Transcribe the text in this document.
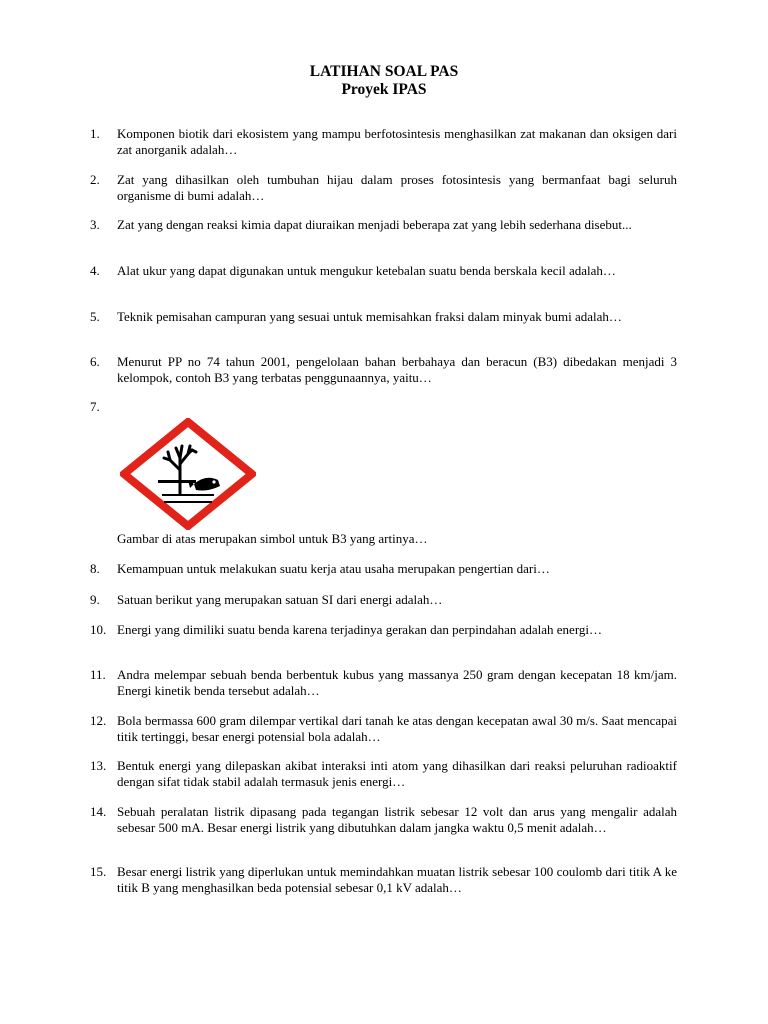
LATIHAN SOAL PAS
Proyek IPAS
1. Komponen biotik dari ekosistem yang mampu berfotosintesis menghasilkan zat makanan dan oksigen dari zat anorganik adalah…
2. Zat yang dihasilkan oleh tumbuhan hijau dalam proses fotosintesis yang bermanfaat bagi seluruh organisme di bumi adalah…
3. Zat yang dengan reaksi kimia dapat diuraikan menjadi beberapa zat yang lebih sederhana disebut...
4. Alat ukur yang dapat digunakan untuk mengukur ketebalan suatu benda berskala kecil adalah…
5. Teknik pemisahan campuran yang sesuai untuk memisahkan fraksi dalam minyak bumi adalah…
6. Menurut PP no 74 tahun 2001, pengelolaan bahan berbahaya dan beracun (B3) dibedakan menjadi 3 kelompok, contoh B3 yang terbatas penggunaannya, yaitu…
7.
Gambar di atas merupakan simbol untuk B3 yang artinya…
8. Kemampuan untuk melakukan suatu kerja atau usaha merupakan pengertian dari…
9. Satuan berikut yang merupakan satuan SI dari energi adalah…
10. Energi yang dimiliki suatu benda karena terjadinya gerakan dan perpindahan adalah energi…
11. Andra melempar sebuah benda berbentuk kubus yang massanya 250 gram dengan kecepatan 18 km/jam. Energi kinetik benda tersebut adalah…
12. Bola bermassa 600 gram dilempar vertikal dari tanah ke atas dengan kecepatan awal 30 m/s. Saat mencapai titik tertinggi, besar energi potensial bola adalah…
13. Bentuk energi yang dilepaskan akibat interaksi inti atom yang dihasilkan dari reaksi peluruhan radioaktif dengan sifat tidak stabil adalah termasuk jenis energi…
14. Sebuah peralatan listrik dipasang pada tegangan listrik sebesar 12 volt dan arus yang mengalir adalah sebesar 500 mA. Besar energi listrik yang dibutuhkan dalam jangka waktu 0,5 menit adalah…
15. Besar energi listrik yang diperlukan untuk memindahkan muatan listrik sebesar 100 coulomb dari titik A ke titik B yang menghasilkan beda potensial sebesar 0,1 kV adalah…
